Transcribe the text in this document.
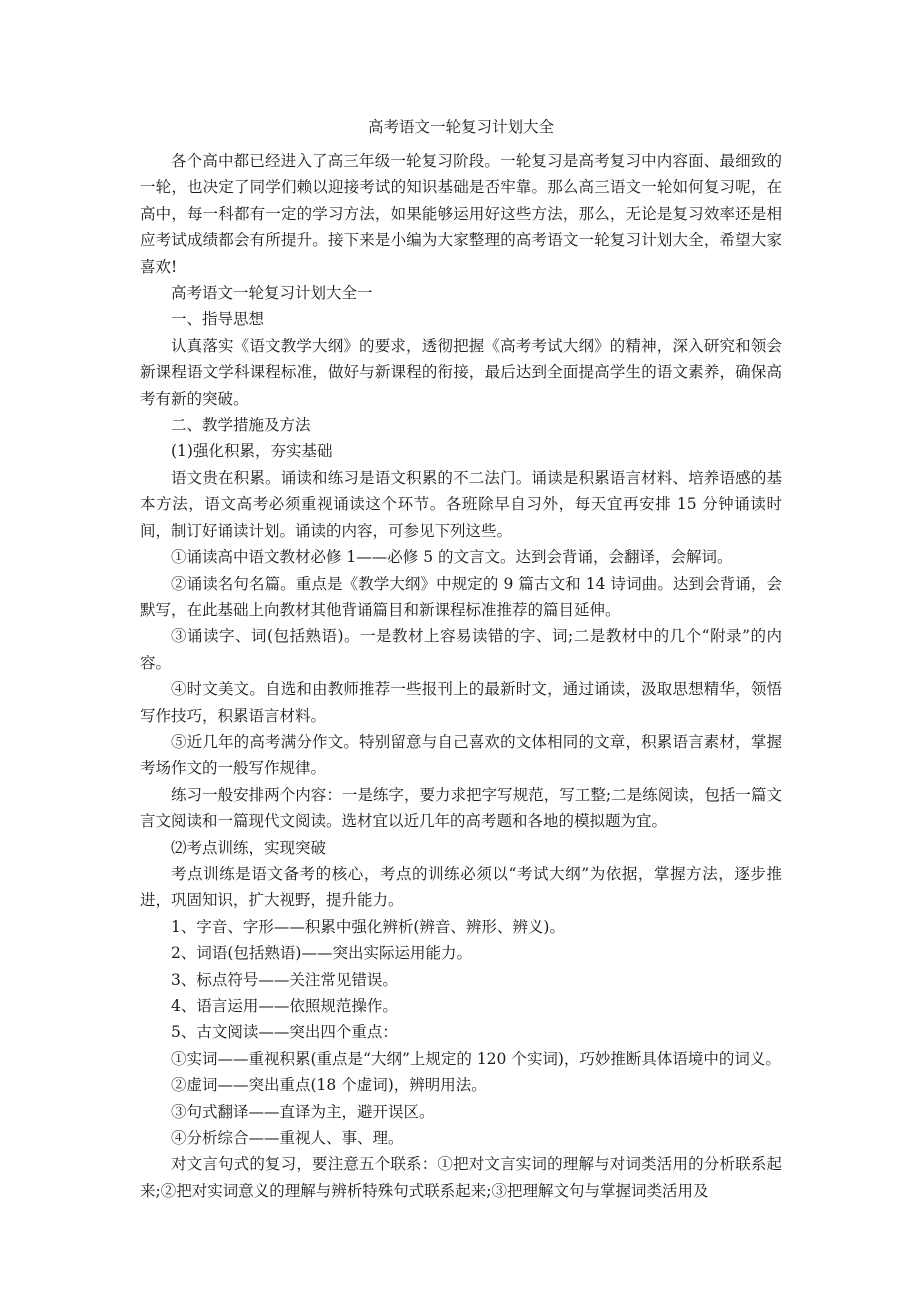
高考语文一轮复习计划大全

各个高中都已经进入了高三年级一轮复习阶段。一轮复习是高考复习中内容面、最细致的一轮，也决定了同学们赖以迎接考试的知识基础是否牢靠。那么高三语文一轮如何复习呢，在高中，每一科都有一定的学习方法，如果能够运用好这些方法，那么，无论是复习效率还是相应考试成绩都会有所提升。接下来是小编为大家整理的高考语文一轮复习计划大全，希望大家喜欢!

高考语文一轮复习计划大全一

一、指导思想

认真落实《语文教学大纲》的要求，透彻把握《高考考试大纲》的精神，深入研究和领会新课程语文学科课程标准，做好与新课程的衔接，最后达到全面提高学生的语文素养，确保高考有新的突破。

二、教学措施及方法

(1)强化积累，夯实基础

语文贵在积累。诵读和练习是语文积累的不二法门。诵读是积累语言材料、培养语感的基本方法，语文高考必须重视诵读这个环节。各班除早自习外，每天宜再安排 15 分钟诵读时间，制订好诵读计划。诵读的内容，可参见下列这些。

①诵读高中语文教材必修 1——必修 5 的文言文。达到会背诵，会翻译，会解词。

②诵读名句名篇。重点是《教学大纲》中规定的 9 篇古文和 14 诗词曲。达到会背诵，会默写，在此基础上向教材其他背诵篇目和新课程标准推荐的篇目延伸。

③诵读字、词(包括熟语)。一是教材上容易读错的字、词;二是教材中的几个“附录”的内容。

④时文美文。自选和由教师推荐一些报刊上的最新时文，通过诵读，汲取思想精华，领悟写作技巧，积累语言材料。

⑤近几年的高考满分作文。特别留意与自己喜欢的文体相同的文章，积累语言素材，掌握考场作文的一般写作规律。

练习一般安排两个内容：一是练字，要力求把字写规范，写工整;二是练阅读，包括一篇文言文阅读和一篇现代文阅读。选材宜以近几年的高考题和各地的模拟题为宜。

⑵考点训练，实现突破

考点训练是语文备考的核心，考点的训练必须以“考试大纲”为依据，掌握方法，逐步推进，巩固知识，扩大视野，提升能力。

1、字音、字形——积累中强化辨析(辨音、辨形、辨义)。

2、词语(包括熟语)——突出实际运用能力。

3、标点符号——关注常见错误。

4、语言运用——依照规范操作。

5、古文阅读——突出四个重点：

①实词——重视积累(重点是“大纲”上规定的 120 个实词)，巧妙推断具体语境中的词义。

②虚词——突出重点(18 个虚词)，辨明用法。

③句式翻译——直译为主，避开误区。

④分析综合——重视人、事、理。

对文言句式的复习，要注意五个联系：①把对文言实词的理解与对词类活用的分析联系起来;②把对实词意义的理解与辨析特殊句式联系起来;③把理解文句与掌握词类活用及
